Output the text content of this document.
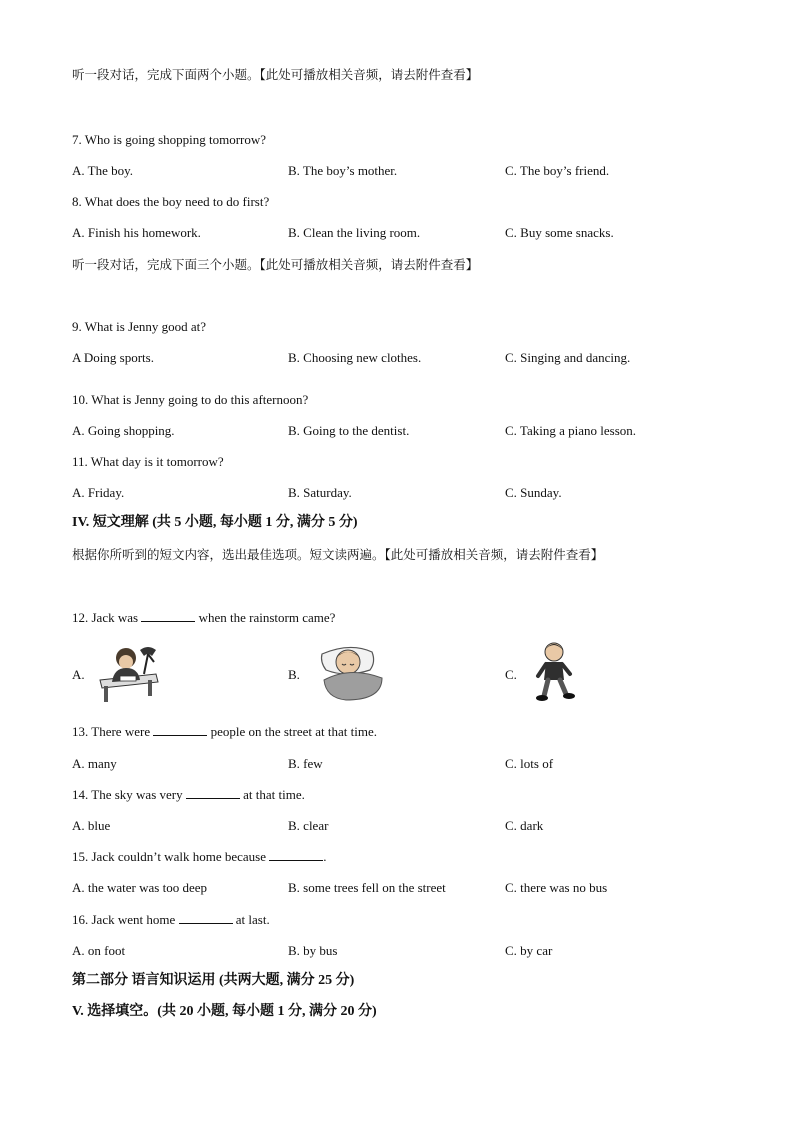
听一段对话，完成下面两个小题。【此处可播放相关音频，请去附件查看】
7. Who is going shopping tomorrow?
A. The boy.	B. The boy’s mother.	C. The boy’s friend.
8. What does the boy need to do first?
A. Finish his homework.	B. Clean the living room.	C. Buy some snacks.
听一段对话，完成下面三个小题。【此处可播放相关音频，请去附件查看】
9. What is Jenny good at?
A Doing sports.	B. Choosing new clothes.	C. Singing and dancing.
10. What is Jenny going to do this afternoon?
A. Going shopping.	B. Going to the dentist.	C. Taking a piano lesson.
11. What day is it tomorrow?
A. Friday.	B. Saturday.	C. Sunday.
IV. 短文理解 (共 5 小题, 每小题 1 分, 满分 5 分)
根据你所听到的短文内容，选出最佳选项。短文读两遍。【此处可播放相关音频，请去附件查看】
12. Jack was	when the rainstorm came?
A.	B.	C.
13. There were	people on the street at that time.
A. many	B. few	C. lots of
14. The sky was very	at that time.
A. blue	B. clear	C. dark
15. Jack couldn’t walk home because	.
A. the water was too deep	B. some trees fell on the street	C. there was no bus
16. Jack went home	at last.
A. on foot	B. by bus	C. by car
第二部分 语言知识运用 (共两大题, 满分 25 分)
V. 选择填空。(共 20 小题, 每小题 1 分, 满分 20 分)
